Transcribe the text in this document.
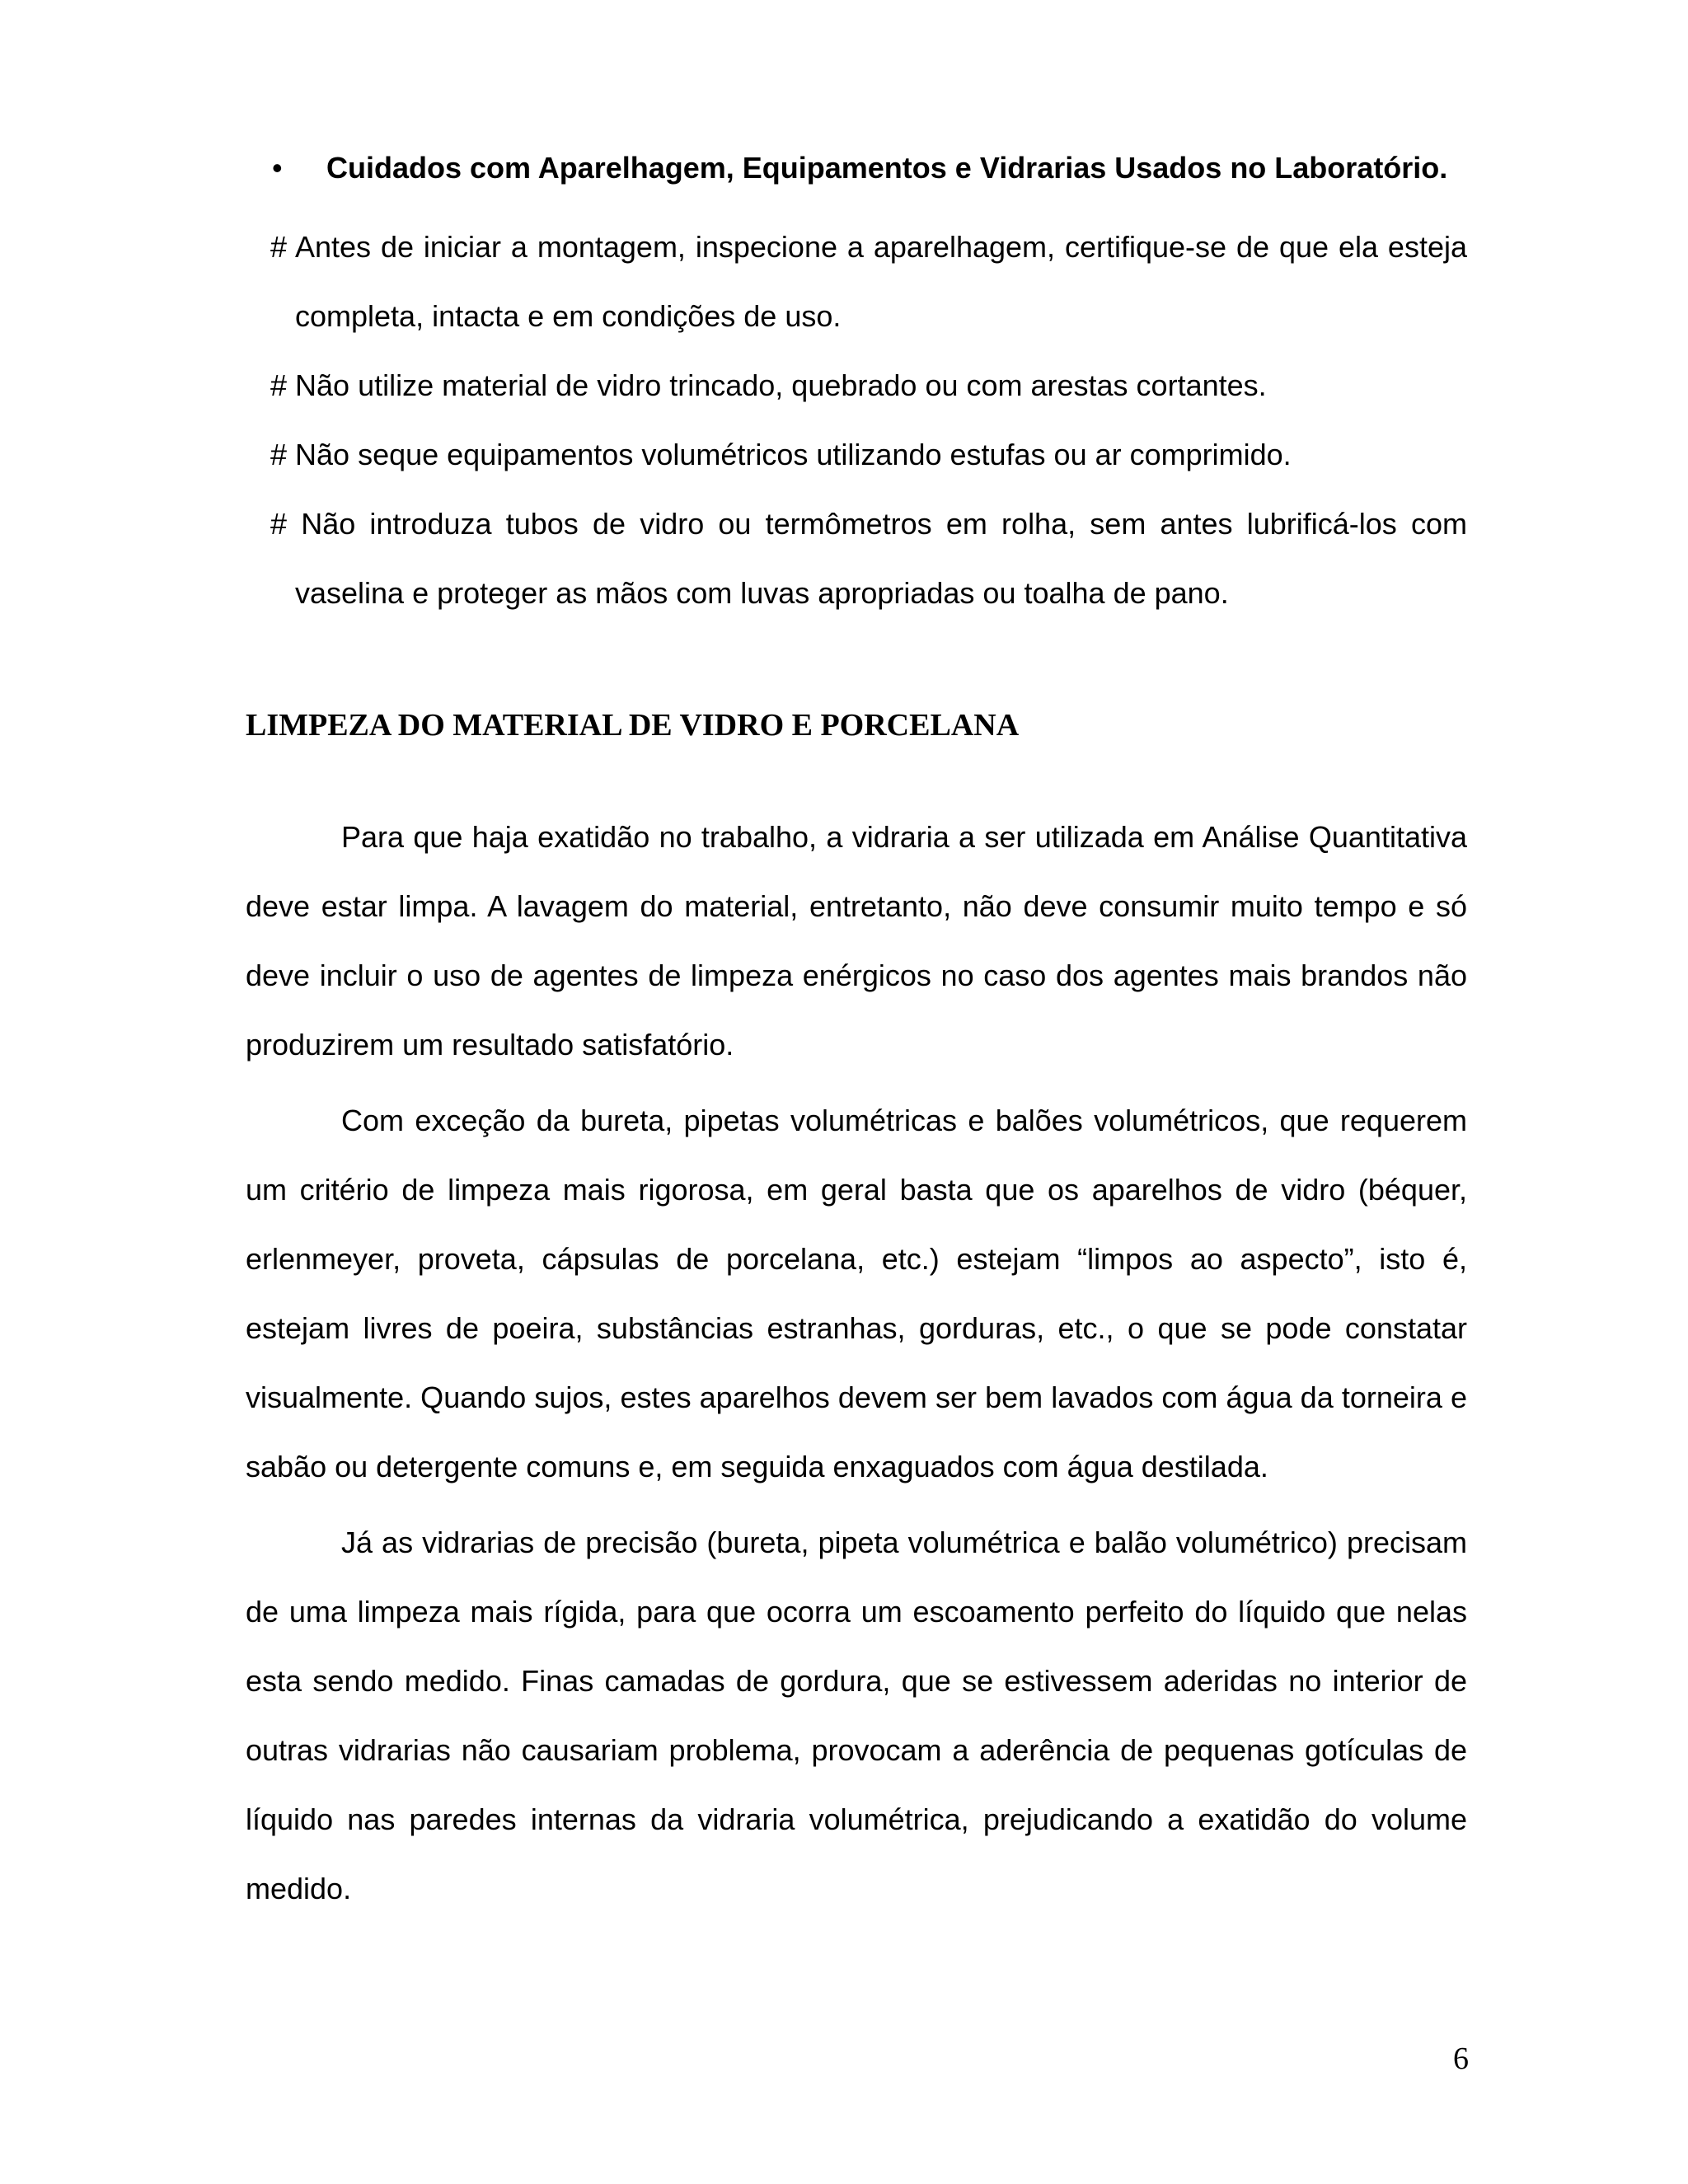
• Cuidados com Aparelhagem, Equipamentos e Vidrarias Usados no Laboratório.
# Antes de iniciar a montagem, inspecione a aparelhagem, certifique-se de que ela esteja completa, intacta e em condições de uso.
# Não utilize material de vidro trincado, quebrado ou com arestas cortantes.
# Não seque equipamentos volumétricos utilizando estufas ou ar comprimido.
# Não introduza tubos de vidro ou termômetros em rolha, sem antes lubrificá-los com vaselina e proteger as mãos com luvas apropriadas ou toalha de pano.
LIMPEZA DO MATERIAL DE VIDRO E PORCELANA

Para que haja exatidão no trabalho, a vidraria a ser utilizada em Análise Quantitativa deve estar limpa. A lavagem do material, entretanto, não deve consumir muito tempo e só deve incluir o uso de agentes de limpeza enérgicos no caso dos agentes mais brandos não produzirem um resultado satisfatório.

Com exceção da bureta, pipetas volumétricas e balões volumétricos, que requerem um critério de limpeza mais rigorosa, em geral basta que os aparelhos de vidro (béquer, erlenmeyer, proveta, cápsulas de porcelana, etc.) estejam “limpos ao aspecto”, isto é, estejam livres de poeira, substâncias estranhas, gorduras, etc., o que se pode constatar visualmente. Quando sujos, estes aparelhos devem ser bem lavados com água da torneira e sabão ou detergente comuns e, em seguida enxaguados com água destilada.

Já as vidrarias de precisão (bureta, pipeta volumétrica e balão volumétrico) precisam de uma limpeza mais rígida, para que ocorra um escoamento perfeito do líquido que nelas esta sendo medido. Finas camadas de gordura, que se estivessem aderidas no interior de outras vidrarias não causariam problema, provocam a aderência de pequenas gotículas de líquido nas paredes internas da vidraria volumétrica, prejudicando a exatidão do volume medido.

6
